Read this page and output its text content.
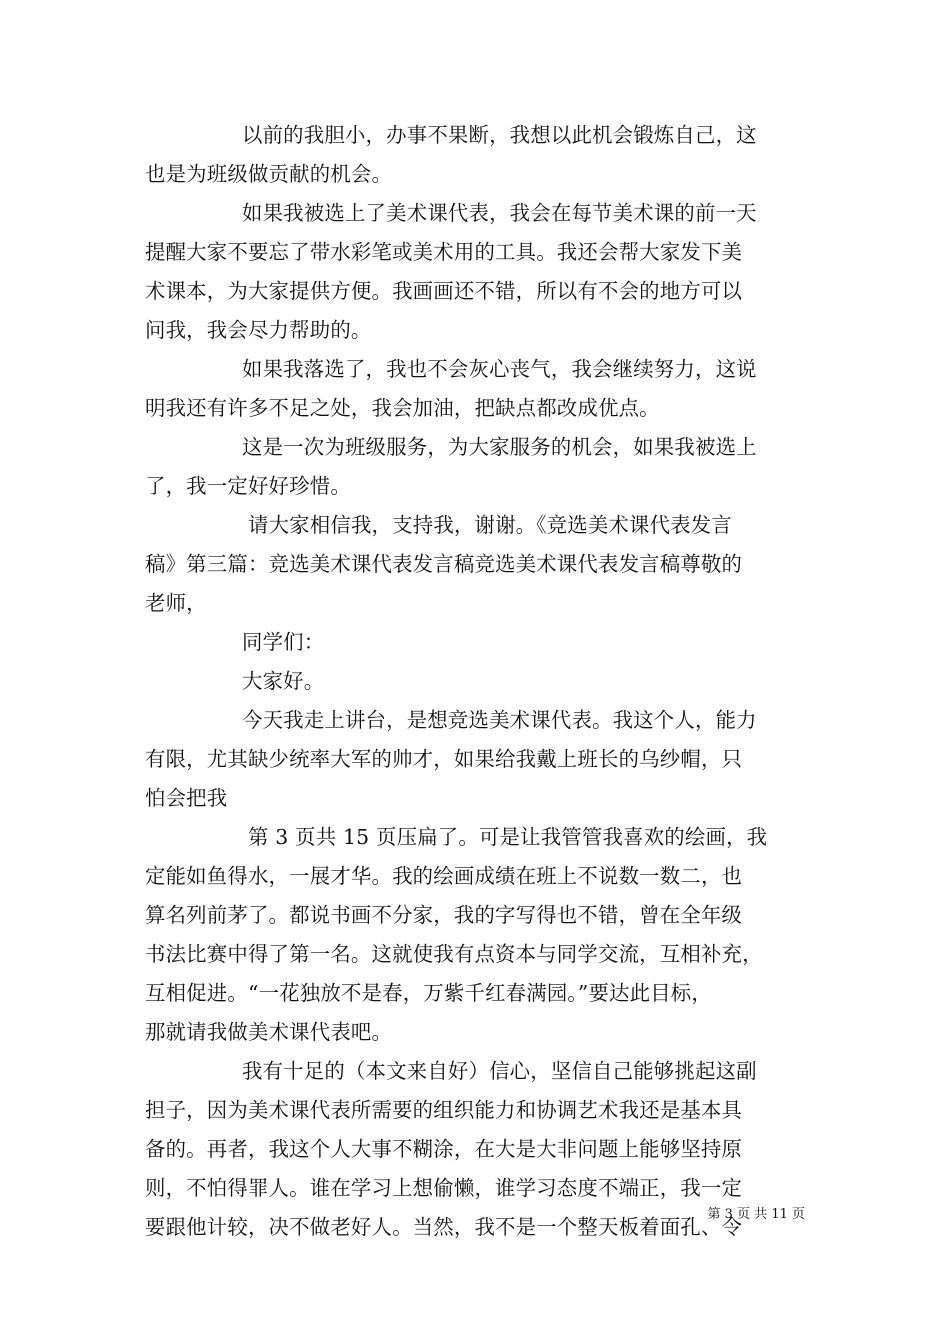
以前的我胆小，办事不果断，我想以此机会锻炼自己，这
也是为班级做贡献的机会。
如果我被选上了美术课代表，我会在每节美术课的前一天
提醒大家不要忘了带水彩笔或美术用的工具。我还会帮大家发下美
术课本，为大家提供方便。我画画还不错，所以有不会的地方可以
问我，我会尽力帮助的。
如果我落选了，我也不会灰心丧气，我会继续努力，这说
明我还有许多不足之处，我会加油，把缺点都改成优点。
这是一次为班级服务，为大家服务的机会，如果我被选上
了，我一定好好珍惜。
请大家相信我，支持我，谢谢。《竞选美术课代表发言
稿》第三篇：竞选美术课代表发言稿竞选美术课代表发言稿尊敬的
老师，
同学们：
大家好。
今天我走上讲台，是想竞选美术课代表。我这个人，能力
有限，尤其缺少统率大军的帅才，如果给我戴上班长的乌纱帽，只
怕会把我
第 3 页共 15 页压扁了。可是让我管管我喜欢的绘画，我
定能如鱼得水，一展才华。我的绘画成绩在班上不说数一数二，也
算名列前茅了。都说书画不分家，我的字写得也不错，曾在全年级
书法比赛中得了第一名。这就使我有点资本与同学交流，互相补充，
互相促进。“一花独放不是春，万紫千红春满园。”要达此目标，
那就请我做美术课代表吧。
我有十足的（本文来自好）信心，坚信自己能够挑起这副
担子，因为美术课代表所需要的组织能力和协调艺术我还是基本具
备的。再者，我这个人大事不糊涂，在大是大非问题上能够坚持原
则，不怕得罪人。谁在学习上想偷懒，谁学习态度不端正，我一定
要跟他计较，决不做老好人。当然，我不是一个整天板着面孔、令
第 3 页 共 11 页
